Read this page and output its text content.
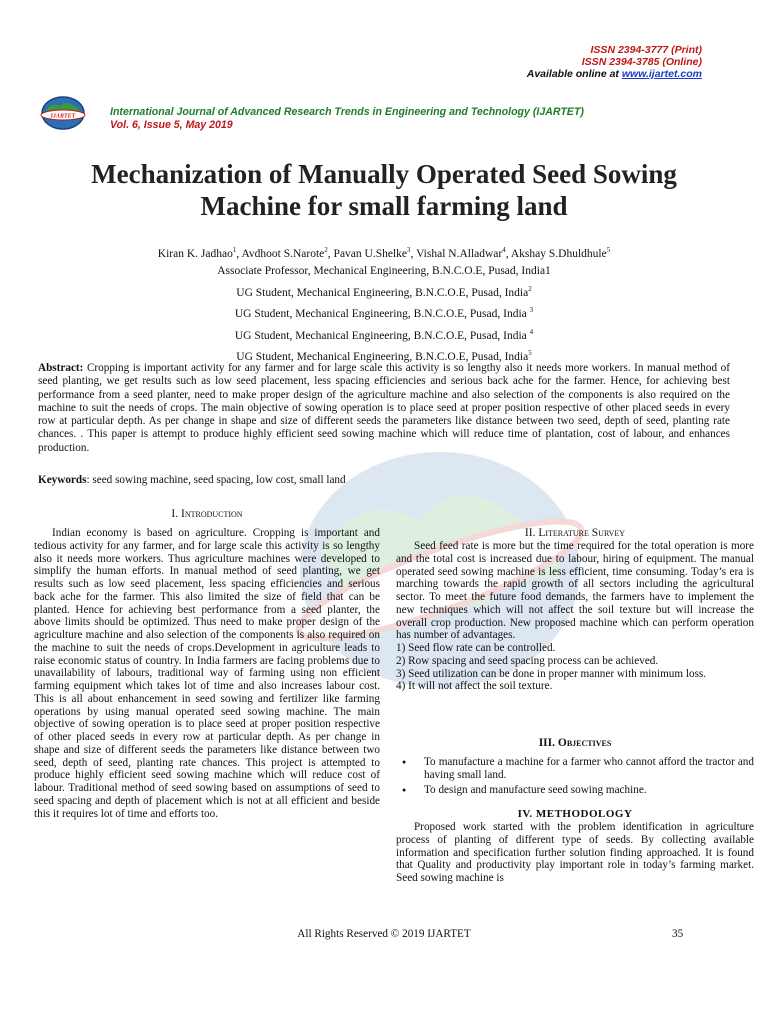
ISSN 2394-3777 (Print)
ISSN 2394-3785 (Online)
Available online at www.ijartet.com
IJARTET	International Journal of Advanced Research Trends in Engineering and Technology (IJARTET)
Vol. 6, Issue 5, May 2019
Mechanization of Manually Operated Seed Sowing
Machine for small farming land
Kiran K. Jadhao$^1$, Avdhoot S.Narote$^2$, Pavan U.Shelke$^3$, Vishal N.Alladwar$^4$, Akshay S.Dhuldhule$^5$
Associate Professor, Mechanical Engineering, B.N.C.O.E, Pusad, India1
UG Student, Mechanical Engineering, B.N.C.O.E, Pusad, India$^2$
UG Student, Mechanical Engineering, B.N.C.O.E, Pusad, India $^3$
UG Student, Mechanical Engineering, B.N.C.O.E, Pusad, India $^4$
UG Student, Mechanical Engineering, B.N.C.O.E, Pusad, India$^5$
Abstract: Cropping is important activity for any farmer and for large scale this activity is so lengthy also it needs more workers. In manual method of seed planting, we get results such as low seed placement, less spacing efficiencies and serious back ache for the farmer. Hence, for achieving best performance from a seed planter, need to make proper design of the agriculture machine and also selection of the components is also required on the machine to suit the needs of crops. The main objective of sowing operation is to place seed at proper position respective of other placed seeds in every row at particular depth. As per change in shape and size of different seeds the parameters like distance between two seed, depth of seed, planting rate chances. . This paper is attempt to produce highly efficient seed sowing machine which will reduce time of plantation, cost of labour, and enhances production.
Keywords: seed sowing machine, seed spacing, low cost, small land
I. Introduction

Indian economy is based on agriculture. Cropping is important and tedious activity for any farmer, and for large scale this activity is so lengthy also it needs more workers. Thus agriculture machines were developed to simplify the human efforts. In manual method of seed planting, we get results such as low seed placement, less spacing efficiencies and serious back ache for the farmer. This also limited the size of field that can be planted. Hence for achieving best performance from a seed planter, the above limits should be optimized. Thus need to make proper design of the agriculture machine and also selection of the components is also required on the machine to suit the needs of crops.Development in agriculture leads to raise economic status of country. In India farmers are facing problems due to unavailability of labours, traditional way of farming using non efficient farming equipment which takes lot of time and also increases labour cost. This is all about enhancement in seed sowing and fertilizer like farming operations by using manual operated seed sowing machine. The main objective of sowing operation is to place seed at proper position respective of other placed seeds in every row at particular depth. As per change in shape and size of different seeds the parameters like distance between two seed, depth of seed, planting rate chances. This project is attempted to produce highly efficient seed sowing machine which will reduce cost of labour. Traditional method of seed sowing based on assumptions of seed to seed spacing and depth of placement which is not at all efficient and beside this it requires lot of time and efforts too.

II. Literature Survey

Seed feed rate is more but the time required for the total operation is more and the total cost is increased due to labour, hiring of equipment. The manual operated seed sowing machine is less efficient, time consuming. Today’s era is marching towards the rapid growth of all sectors including the agricultural sector. To meet the future food demands, the farmers have to implement the new techniques which will not affect the soil texture but will increase the overall crop production. New proposed machine which can perform operation has number of advantages.

1) Seed flow rate can be controlled.
2) Row spacing and seed spacing process can be achieved.
3) Seed utilization can be done in proper manner with minimum loss.
4) It will not affect the soil texture.
III. Objectives
● To manufacture a machine for a farmer who cannot afford the tractor and having small land.
● To design and manufacture seed sowing machine.
IV. METHODOLOGY

Proposed work started with the problem identification in agriculture process of planting of different type of seeds. By collecting available information and specification further solution finding approached. It is found that Quality and productivity play important role in today’s farming market. Seed sowing machine is

All Rights Reserved © 2019 IJARTET	35
